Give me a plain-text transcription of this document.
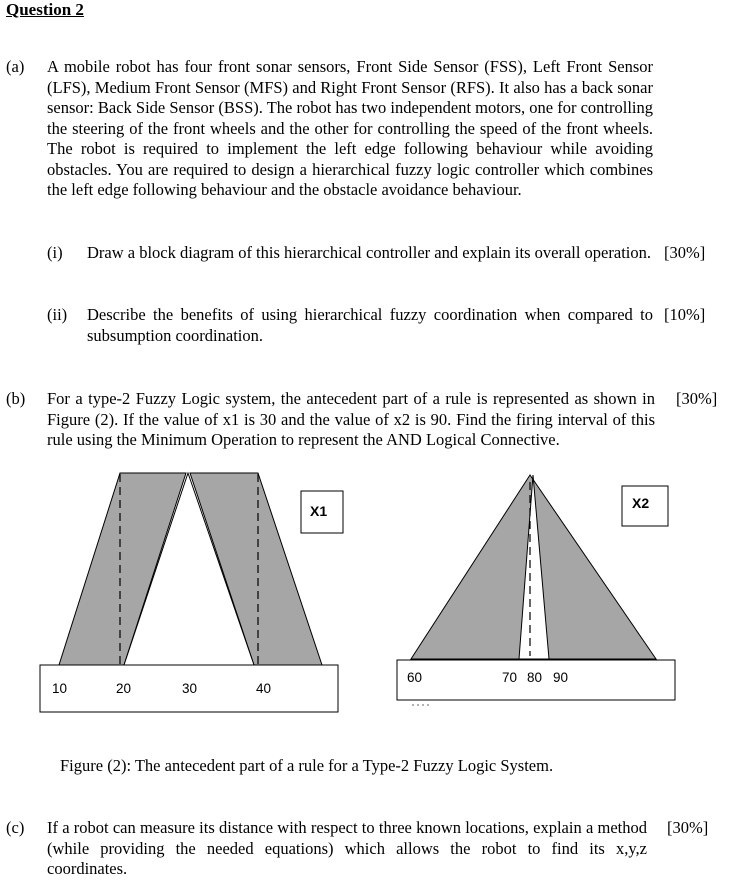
Question 2
(a) A mobile robot has four front sonar sensors, Front Side Sensor (FSS), Left Front Sensor (LFS), Medium Front Sensor (MFS) and Right Front Sensor (RFS). It also has a back sonar sensor: Back Side Sensor (BSS). The robot has two independent motors, one for controlling the steering of the front wheels and the other for controlling the speed of the front wheels. The robot is required to implement the left edge following behaviour while avoiding obstacles. You are required to design a hierarchical fuzzy logic controller which combines the left edge following behaviour and the obstacle avoidance behaviour.
(i) Draw a block diagram of this hierarchical controller and explain its overall operation. [30%]
(ii) Describe the benefits of using hierarchical fuzzy coordination when compared to subsumption coordination.
[10%]
(b) For a type-2 Fuzzy Logic system, the antecedent part of a rule is represented as shown in Figure (2). If the value of x1 is 30 and the value of x2 is 90. Find the firing interval of this rule using the Minimum Operation to represent the AND Logical Connective.
[30%]
X1	X2
10	20	30	40
60	70 80 90
Figure (2): The antecedent part of a rule for a Type-2 Fuzzy Logic System.
(c) If a robot can measure its distance with respect to three known locations, explain a method (while providing the needed equations) which allows the robot to find its x,y,z coordinates.
[30%]
